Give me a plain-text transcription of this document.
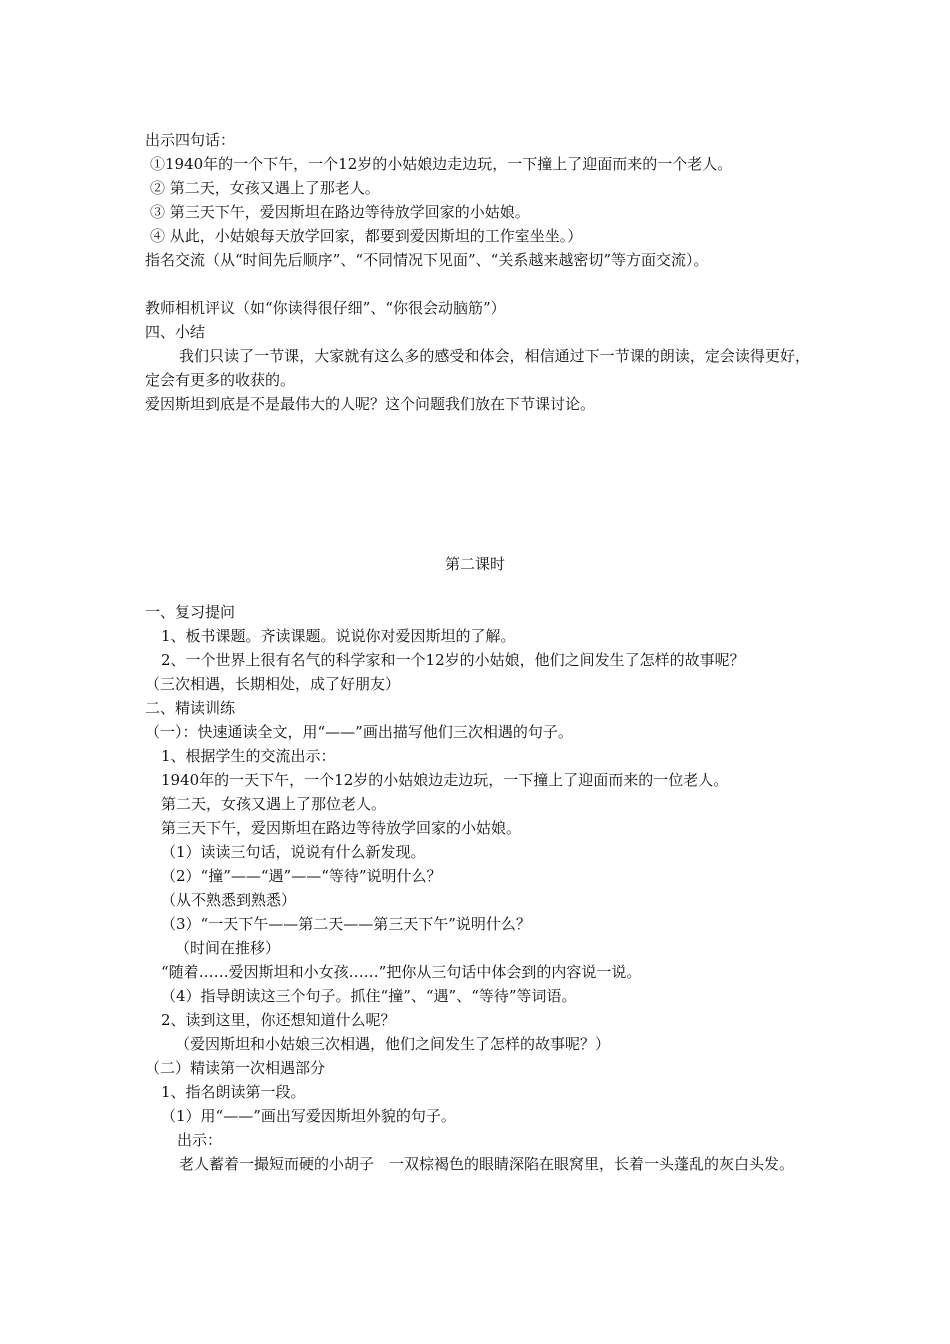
出示四句话：
①1940年的一个下午，一个12岁的小姑娘边走边玩，一下撞上了迎面而来的一个老人。
② 第二天，女孩又遇上了那老人。
③ 第三天下午，爱因斯坦在路边等待放学回家的小姑娘。
④ 从此，小姑娘每天放学回家，都要到爱因斯坦的工作室坐坐。）
指名交流（从“时间先后顺序”、“不同情况下见面”、“关系越来越密切”等方面交流）。
教师相机评议（如“你读得很仔细”、“你很会动脑筋”）
四、小结
我们只读了一节课，大家就有这么多的感受和体会，相信通过下一节课的朗读，定会读得更好，定会有更多的收获的。
爱因斯坦到底是不是最伟大的人呢？这个问题我们放在下节课讨论。
第二课时
一、复习提问
1、板书课题。齐读课题。说说你对爱因斯坦的了解。
2、一个世界上很有名气的科学家和一个12岁的小姑娘，他们之间发生了怎样的故事呢？
（三次相遇，长期相处，成了好朋友）
二、精读训练
（一）：快速通读全文，用“——”画出描写他们三次相遇的句子。
1、根据学生的交流出示：
1940年的一天下午，一个12岁的小姑娘边走边玩，一下撞上了迎面而来的一位老人。
第二天，女孩又遇上了那位老人。
第三天下午，爱因斯坦在路边等待放学回家的小姑娘。
（1）读读三句话，说说有什么新发现。
（2）“撞”——“遇”——“等待”说明什么？
（从不熟悉到熟悉）
（3）“一天下午——第二天——第三天下午”说明什么？
（时间在推移）
“随着……爱因斯坦和小女孩……”把你从三句话中体会到的内容说一说。
（4）指导朗读这三个句子。抓住“撞”、“遇”、“等待”等词语。
2、读到这里，你还想知道什么呢？
（爱因斯坦和小姑娘三次相遇，他们之间发生了怎样的故事呢？）
（二）精读第一次相遇部分
1、指名朗读第一段。
（1）用“——”画出写爱因斯坦外貌的句子。
出示：
老人蓄着一撮短而硬的小胡子　一双棕褐色的眼睛深陷在眼窝里，长着一头蓬乱的灰白头发。
